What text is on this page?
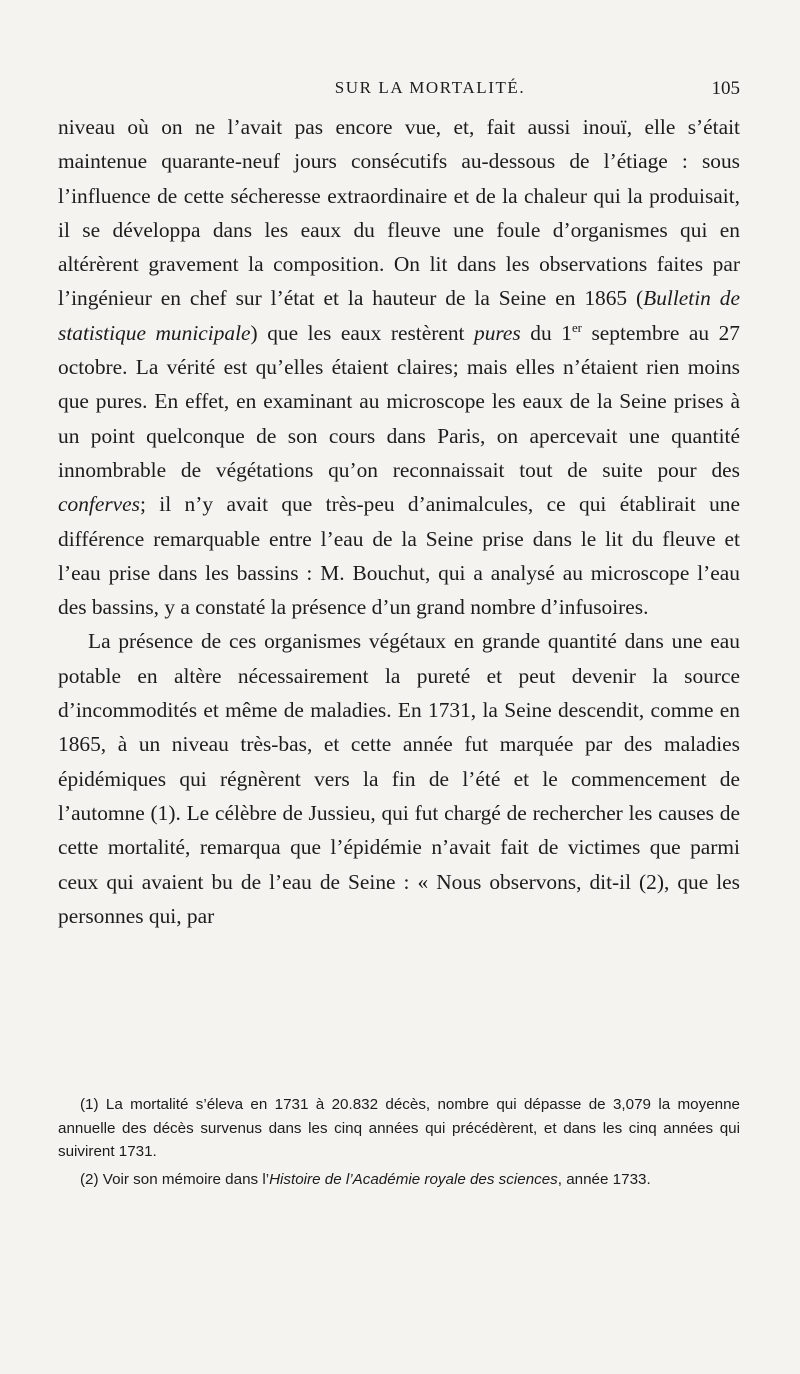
SUR LA MORTALITÉ.	105

niveau où on ne l’avait pas encore vue, et, fait aussi inouï, elle s’était maintenue quarante-neuf jours consécutifs au-dessous de l’étiage : sous l’influence de cette sécheresse extraordinaire et de la chaleur qui la produisait, il se développa dans les eaux du fleuve une foule d’organismes qui en altérèrent gravement la composition. On lit dans les observations faites par l’ingénieur en chef sur l’état et la hauteur de la Seine en 1865 (Bulletin de statistique municipale) que les eaux restèrent pures du 1er septembre au 27 octobre. La vérité est qu’elles étaient claires; mais elles n’étaient rien moins que pures. En effet, en examinant au microscope les eaux de la Seine prises à un point quelconque de son cours dans Paris, on apercevait une quantité innombrable de végétations qu’on reconnaissait tout de suite pour des conferves; il n’y avait que très-peu d’animalcules, ce qui établirait une différence remarquable entre l’eau de la Seine prise dans le lit du fleuve et l’eau prise dans les bassins : M. Bouchut, qui a analysé au microscope l’eau des bassins, y a constaté la présence d’un grand nombre d’infusoires.

La présence de ces organismes végétaux en grande quantité dans une eau potable en altère nécessairement la pureté et peut devenir la source d’incommodités et même de maladies. En 1731, la Seine descendit, comme en 1865, à un niveau très-bas, et cette année fut marquée par des maladies épidémiques qui régnèrent vers la fin de l’été et le commencement de l’automne (1). Le célèbre de Jussieu, qui fut chargé de rechercher les causes de cette mortalité, remarqua que l’épidémie n’avait fait de victimes que parmi ceux qui avaient bu de l’eau de Seine : « Nous observons, dit-il (2), que les personnes qui, par

(1) La mortalité s’éleva en 1731 à 20.832 décès, nombre qui dépasse de 3,079 la moyenne annuelle des décès survenus dans les cinq années qui précédèrent, et dans les cinq années qui suivirent 1731.

(2) Voir son mémoire dans l’Histoire de l’Académie royale des sciences, année 1733.
